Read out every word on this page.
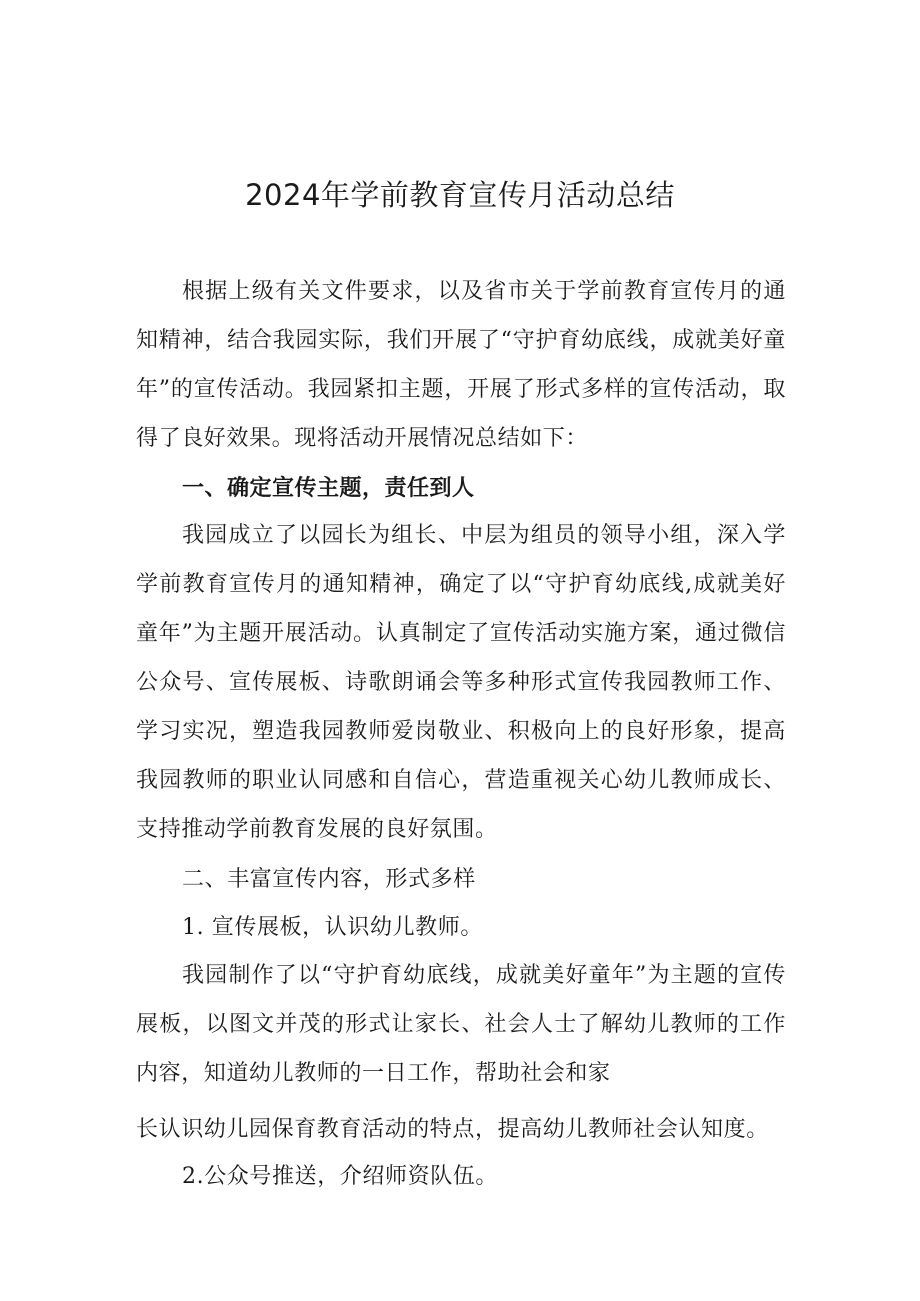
2024年学前教育宣传月活动总结

根据上级有关文件要求，以及省市关于学前教育宣传月的通知精神，结合我园实际，我们开展了“守护育幼底线，成就美好童年”的宣传活动。我园紧扣主题，开展了形式多样的宣传活动，取得了良好效果。现将活动开展情况总结如下：

一、确定宣传主题，责任到人

我园成立了以园长为组长、中层为组员的领导小组，深入学学前教育宣传月的通知精神，确定了以“守护育幼底线,成就美好童年”为主题开展活动。认真制定了宣传活动实施方案，通过微信公众号、宣传展板、诗歌朗诵会等多种形式宣传我园教师工作、学习实况，塑造我园教师爱岗敬业、积极向上的良好形象，提高我园教师的职业认同感和自信心，营造重视关心幼儿教师成长、支持推动学前教育发展的良好氛围。

二、丰富宣传内容，形式多样

1. 宣传展板，认识幼儿教师。

我园制作了以“守护育幼底线，成就美好童年”为主题的宣传展板，以图文并茂的形式让家长、社会人士了解幼儿教师的工作内容，知道幼儿教师的一日工作，帮助社会和家

长认识幼儿园保育教育活动的特点，提高幼儿教师社会认知度。

2.公众号推送，介绍师资队伍。
